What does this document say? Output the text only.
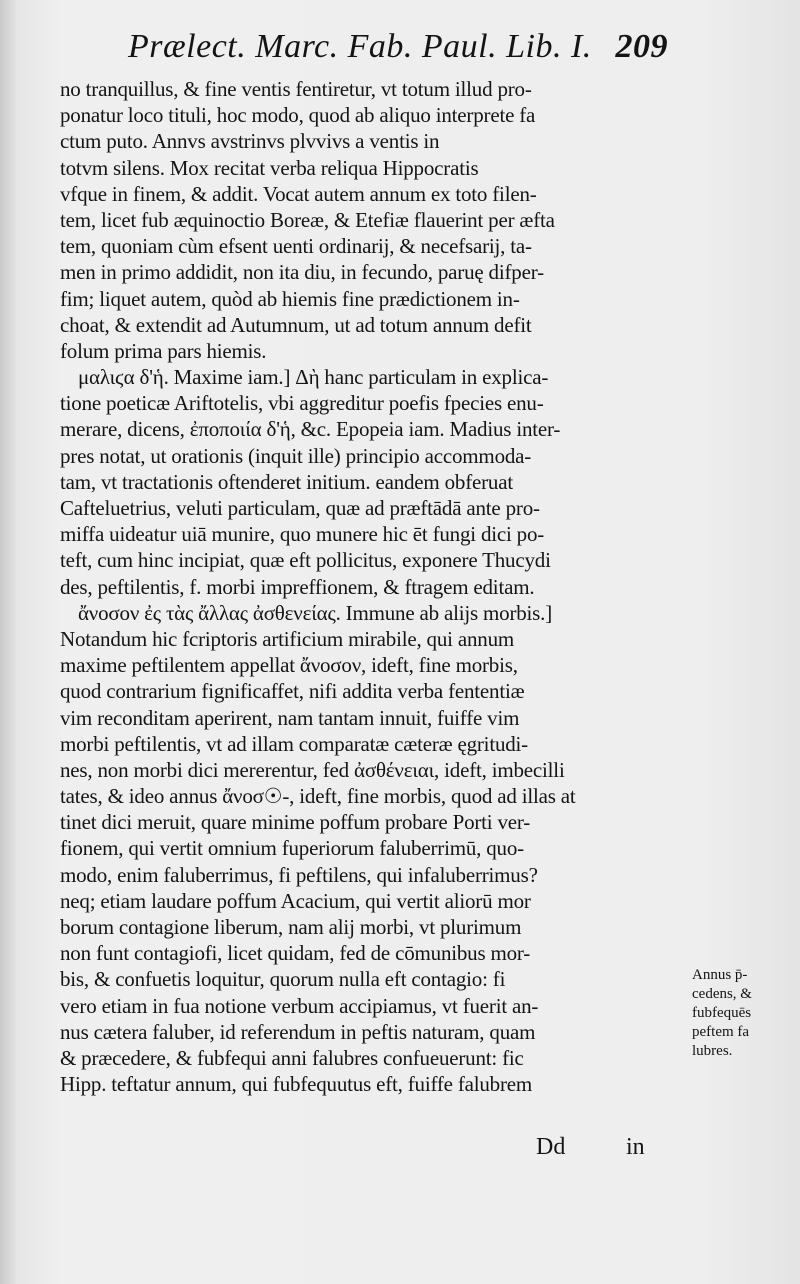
Prælect. Marc. Fab. Paul. Lib. I. 209
no tranquillus, & fine ventis fentiretur, vt totum illud pro-
ponatur loco tituli, hoc modo, quod ab aliquo interprete fa
ctum puto. Annvs avstrinvs plvvivs a ventis in
totvm silens. Mox recitat verba reliqua Hippocratis
vfque in finem, & addit. Vocat autem annum ex toto filen-
tem, licet fub æquinoctio Boreæ, & Etefiæ flauerint per æfta
tem, quoniam cùm efsent uenti ordinarij, & necefsarij, ta-
men in primo addidit, non ita diu, in fecundo, paruę difper-
fim; liquet autem, quòd ab hiemis fine prædictionem in-
choat, & extendit ad Autumnum, ut ad totum annum defit
folum prima pars hiemis.
μαλιϛα δ'ἡ. Maxime iam.] Δὴ hanc particulam in explica-
tione poeticæ Ariftotelis, vbi aggreditur poefis fpecies enu-
merare, dicens, ἐποποιία δ'ἡ, &c. Epopeia iam. Madius inter-
pres notat, ut orationis (inquit ille) principio accommoda-
tam, vt tractationis oftenderet initium. eandem obferuat
Cafteluetrius, veluti particulam, quæ ad præftādā ante pro-
miffa uideatur uiā munire, quo munere hic ēt fungi dici po-
teft, cum hinc incipiat, quæ eft pollicitus, exponere Thucydi
des, peftilentis, f. morbi impreffionem, & ftragem editam.
ἄνοσον ἐς τὰς ἄλλας ἀσθενείας. Immune ab alijs morbis.]
Notandum hic fcriptoris artificium mirabile, qui annum
maxime peftilentem appellat ἄνοσον, ideft, fine morbis,
quod contrarium fignificaffet, nifi addita verba fententiæ
vim reconditam aperirent, nam tantam innuit, fuiffe vim
morbi peftilentis, vt ad illam comparatæ cæteræ ęgritudi-
nes, non morbi dici mererentur, fed ἀσθένειαι, ideft, imbecilli
tates, & ideo annus ἄνοσ☉-, ideft, fine morbis, quod ad illas at
tinet dici meruit, quare minime poffum probare Porti ver-
fionem, qui vertit omnium fuperiorum faluberrimū, quo-
modo, enim faluberrimus, fi peftilens, qui infaluberrimus?
neq; etiam laudare poffum Acacium, qui vertit aliorū mor
borum contagione liberum, nam alij morbi, vt plurimum
non funt contagiofi, licet quidam, fed de cōmunibus mor-
bis, & confuetis loquitur, quorum nulla eft contagio: fi
vero etiam in fua notione verbum accipiamus, vt fuerit an-
nus cætera faluber, id referendum in peftis naturam, quam
& præcedere, & fubfequi anni falubres confueuerunt: fic
Hipp. teftatur annum, qui fubfequutus eft, fuiffe falubrem
Annus p̄-
cedens, &
fubfequēs
peftem fa
lubres.
Dd	in
